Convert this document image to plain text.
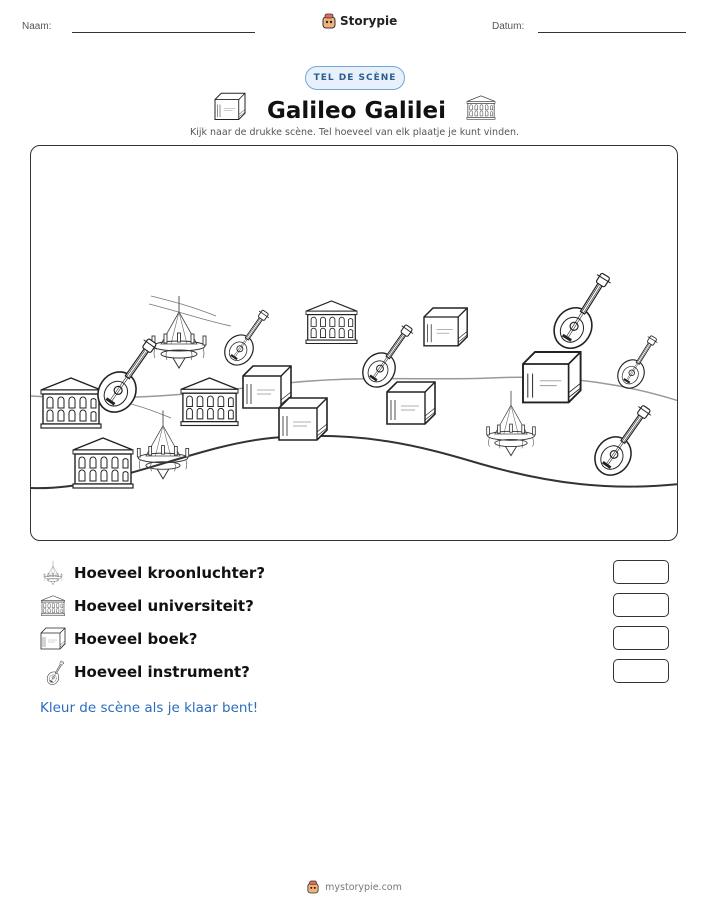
Naam:	Storypie	Datum:
TEL DE SCÈNE
Galileo Galilei
Kijk naar de drukke scène. Tel hoeveel van elk plaatje je kunt vinden.
Hoeveel kroonluchter?
Hoeveel universiteit?
Hoeveel boek?
Hoeveel instrument?
Kleur de scène als je klaar bent!
mystorypie.com
